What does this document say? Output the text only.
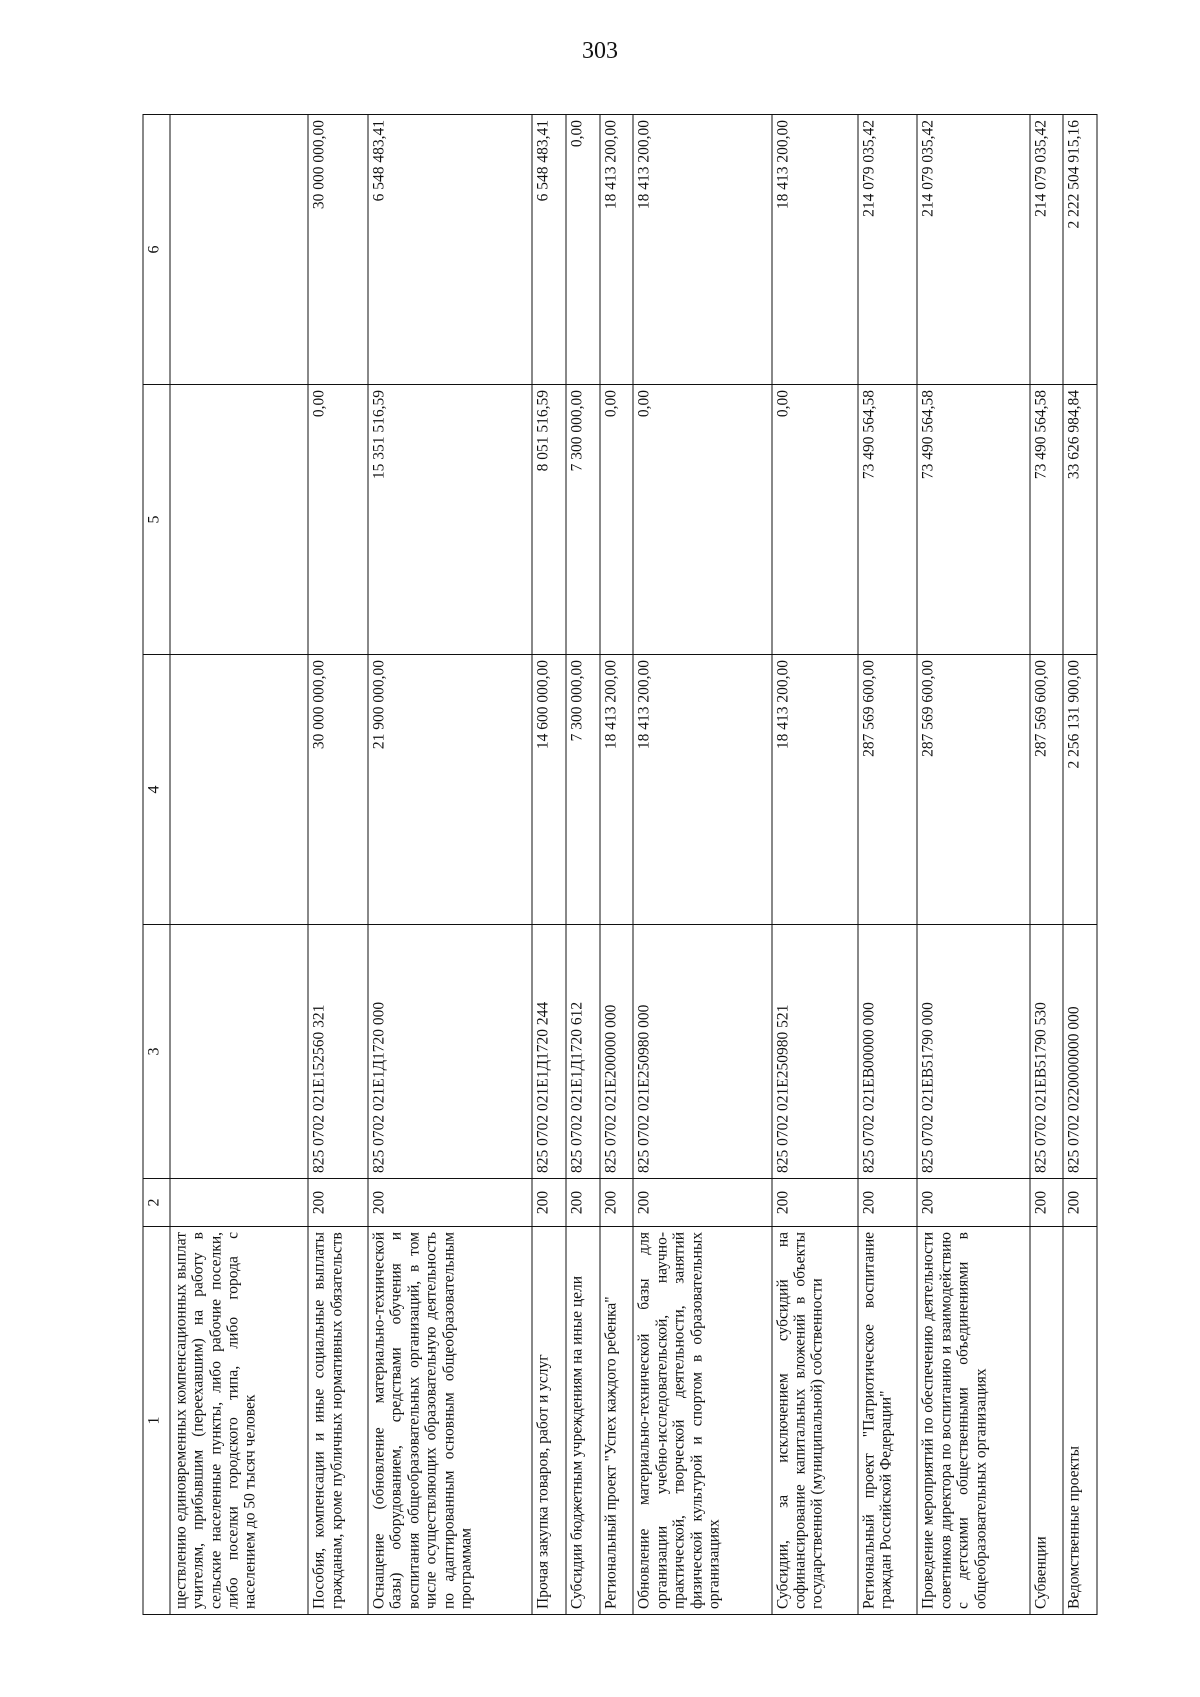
303
1	2	3	4	5	6
ществлению единовременных компенсационных выплат учителям, прибывшим (переехавшим) на работу в сельские населенные пункты, либо рабочие поселки, либо поселки городского типа, либо города с населением до 50 тысяч человек					
Пособия, компенсации и иные социальные выплаты гражданам, кроме публичных нормативных обязательств	200	825 0702 021Е152560 321	30 000 000,00	0,00	30 000 000,00
Оснащение (обновление материально-технической базы) оборудованием, средствами обучения и воспитания общеобразовательных организаций, в том числе осуществляющих образовательную деятельность по адаптированным основным общеобразовательным программам	200	825 0702 021Е1Д1720 000	21 900 000,00	15 351 516,59	6 548 483,41
Прочая закупка товаров, работ и услуг	200	825 0702 021Е1Д1720 244	14 600 000,00	8 051 516,59	6 548 483,41
Субсидии бюджетным учреждениям на иные цели	200	825 0702 021Е1Д1720 612	7 300 000,00	7 300 000,00	0,00
Региональный проект "Успех каждого ребенка"	200	825 0702 021Е200000 000	18 413 200,00	0,00	18 413 200,00
Обновление материально-технической базы для организации учебно-исследовательской, научно-практической, творческой деятельности, занятий физической культурой и спортом в образовательных организациях	200	825 0702 021Е250980 000	18 413 200,00	0,00	18 413 200,00
Субсидии, за исключением субсидий на софинансирование капитальных вложений в объекты государственной (муниципальной) собственности	200	825 0702 021Е250980 521	18 413 200,00	0,00	18 413 200,00
Региональный проект "Патриотическое воспитание граждан Российской Федерации"	200	825 0702 021ЕВ00000 000	287 569 600,00	73 490 564,58	214 079 035,42
Проведение мероприятий по обеспечению деятельности советников директора по воспитанию и взаимодействию с детскими общественными объединениями в общеобразовательных организациях	200	825 0702 021ЕВ51790 000	287 569 600,00	73 490 564,58	214 079 035,42
Субвенции	200	825 0702 021ЕВ51790 530	287 569 600,00	73 490 564,58	214 079 035,42
Ведомственные проекты	200	825 0702 0220000000 000	2 256 131 900,00	33 626 984,84	2 222 504 915,16
